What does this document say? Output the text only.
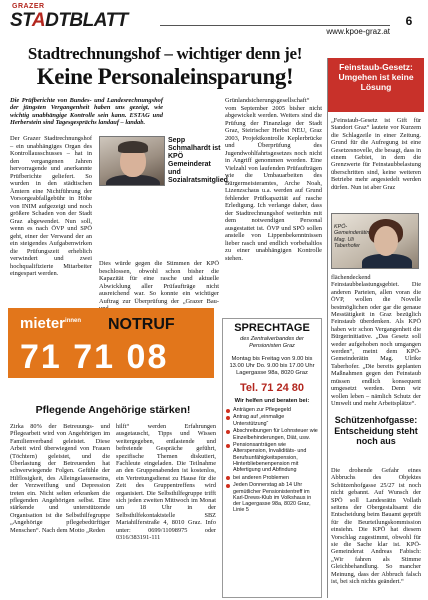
GRAZER
STADTBLATT
www.kpoe-graz.at
6
Stadtrechnungshof – wichtiger denn je!
Keine Personaleinsparung!
Die Prüfberichte von Bundes- und Landesrechnungshof der jüngsten Vergangenheit haben uns gezeigt, wie wichtig unabhängige Kontrolle sein kann. ESTAG und Herberstein sind Tagesgesprächs landauf – landab.
Der Grazer Stadtrechnungshof – ein unabhängiges Organ des Kontrollausschusses – hat in den vergangenen Jahren hervorragende und anerkannte Prüfberichte geliefert. So wurden in den städtischen Ämtern eine Nichtführung der Vorsorgeabfallgebühr in Höhe von INIM aufgezeigt und noch größere Schaden von der Stadt Graz abgewendet. Nun soll, wenn es nach ÖVP und SPÖ geht, einer der Verwand der an ein steigendes Aufgabenwirken die Prüfungszeit erheblich verwindert und zwei hochqualifizierte Mitarbeiter eingespart werden.
Sepp Schmalhardt ist KPÖ Gemeinderat und Sozialratsmitglied
Dies würde gegen die Stimmen der KPÖ beschlossen, obwohl schon bisher die Kapazität für eine rasche und aktuelle Abwicklung aller Prüfaufträge nicht ausreichend war. So konnte ein wichtiger Auftrag zur Überprüfung der „Grazer Bau-
Grünlandsicherungsgesellschaft“ vom September 2005 bisher nicht abgewickelt werden. Weiters sind die Prüfung der Finanzlage der Stadt Graz, Steirischer Herbst NEU, Graz 2003, Projektkontrolle Keplerbrücke und Überprüfung des Jugendwohlfahrtsgesetzes noch nicht in Angriff genommen worden. Eine Vielzahl von laufenden Prüfaufträgen wie die Umbauarbeiten des Bürgermeisteramtes, Arche Noah, Lizenzschaus u.a. werden auf Grund fehlender Prüfkapazität auf rasche Erledigung. Ich verlange daher, dass der Stadtrechnungshof weiterhin mit dem notwendigen Personal ausgestattet ist. ÖVP und SPÖ sollen anstelle von Lippenbekenntnissen lieber rasch und endlich vorbehaltlos zu einer unabhängigen Kontrolle stehen.
Feinstaub-Gesetz: Umgehen ist keine Lösung
„Feinstaub-Gesetz ist Gift für Standort Graz“ lautete vor Kurzem die Schlagzeile in einer Zeitung. Grund für die Aufregung ist eine Gesetzesnovelle, die besagt, dass in einem Gebiet, in dem die Grenzwerte für Feinstaubbelastung überschritten sind, keine weiteren Betriebe mehr angesiedelt werden dürfen. Nun ist aber Graz
KPÖ-Gemeinderätin Mag. Uli Taberhofer
flächendeckend Feinstaubbelastungsgebiet. Die anderen Parteien, allen voran die ÖVP, wollen die Novelle bestmöglichen oder gar die genaue Messtätigkeit in Graz bezüglich Feinstaub überdenken. Als KPÖ haben wir schon Vergangenheit die Bürgerinitiative. „Das Gesetz soll weder aufgehoben noch umgangen werden“, meint dem KPÖ-Gemeinderätin Mag. Ulrike Taberhofer. „Die bereits geplanten Maßnahmen gegen den Feinstaub müssen endlich konsequent umgesetzt werden. Denn wir wollen leben – nämlich Schutz der Umwelt und mehr Arbeitsplätze“.
Schützenhofgasse: Entscheidung steht noch aus
Die drohende Gefahr eines Abbruchs des Objektes Schützenhofgasse 25/27 ist noch nicht gebannt. Auf Wunsch der SPÖ soll Landesrätin Vollath seitens der Obergestaltsamt die Entscheidung beim Bauamt geprüft für die Beurteilungskommission einsiehn. Die KPÖ hat diesem Vorschlag zugestimmt, obwohl für sie die Sache klar ist. KPÖ-Gemeinderat Andreas Fabisch: „Wir fahren als Stimme Gleichbehandlung. So mancher Meinung, dass der Abbruch falsch ist, bei sich nichts geändert.“
mieter$^{innen}$ NOTRUF
71 71 08
SPRECHTAGE
des Zentralverbandes der Pensionisten Graz
Montag bis Freitag von 9.00 bis 13.00 Uhr Do. 9.00 bis 17.00 Uhr Lagergasse 98a, 8020 Graz
Tel. 71 24 80
Wir helfen und beraten bei:
Anträgen zur Pflegegeld
Antrag auf „einmalige Unterstützung“
Abschreibungen für Lohnsteuer wie Einzelbehinderungen, Diät, usw.
Pensionsanträgen wie Alterspension, Invaliditäts- und Berufsunfähigkeitspension, Hinterbliebenenpension mit Abfertigung und Abfindung
bei anderen Problemen
Jeden Donnerstag ab 14 Uhr gemütlicher Pensionistentreff im Karl-Drews-Klub im Volkshaus in der Lagergasse 98a, 8020 Graz, Linie 5
Pflegende Angehörige stärken!
Zirka 80% der Betreuungs- und Pflegearbeit wird von Angehörigen im Familienverband geleistet. Diese Arbeit wird überwiegend von Frauen (Töchtern) geleistet, und die Überlastung der Betreuenden hat schwerwiegende Folgen. Gefühle der Hilflosigkeit, des Alleingelassenseins, der Verzweiflung und Depression treten ein. Nicht selten erkranken die pflegenden Angehörigen selbst. Eine stärkende und unterstützende Organisation ist die Selbsthilfegruppe „Angehörige pflegebedürftiger Menschen“. Nach dem Motto „Reden
hilft“ werden Erfahrungen ausgetauscht, Tipps und Wissen weitergegeben, entlastende und befreiende Gespräche geführt, spezifische Themen diskutiert, Fachleute eingeladen. Die Teilnahme an den Gruppenabenden ist kostenlos, ein Vertretungsdienst zu Hause für die Zeit des Gruppentreffens wird organisiert. Die Selbsthilfegruppe trifft sich jeden zweiten Mittwoch im Monat um 18 Uhr in der Selbsthilfekontaktstelle SBZ Mariahilferstraße 4, 8010 Graz. Info unter: 0699/11098975 oder 0316/383191-111
